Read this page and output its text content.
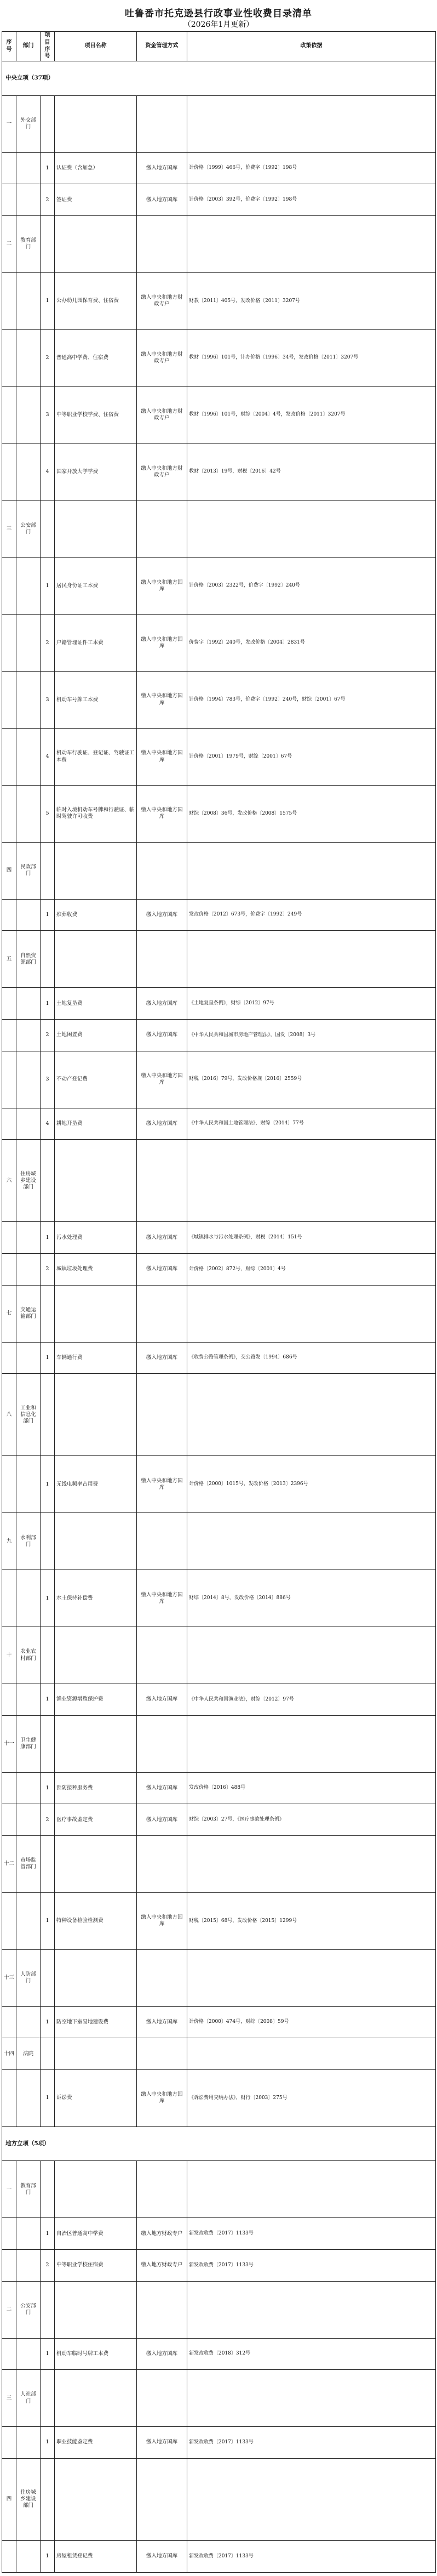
吐鲁番市托克逊县行政事业性收费目录清单
（2026年1月更新）
序号	部门	项目序号	项目名称	资金管理方式	政策依据
中央立项（37项）					
一	外交部门				
		1	认证费（含加急）	缴入地方国库	计价格〔1999〕466号，价费字〔1992〕198号
		2	签证费	缴入地方国库	计价格〔2003〕392号，价费字〔1992〕198号
二	教育部门				
		1	公办幼儿园保育费、住宿费	缴入中央和地方财政专户	财教〔2011〕405号，发改价格〔2011〕3207号
		2	普通高中学费、住宿费	缴入中央和地方财政专户	教财〔1996〕101号，计办价格〔1996〕34号，发改价格〔2011〕3207号
		3	中等职业学校学费、住宿费	缴入中央和地方财政专户	教财〔1996〕101号，财综〔2004〕4号，发改价格〔2011〕3207号
		4	国家开放大学学费	缴入中央和地方财政专户	教财〔2013〕19号，财税〔2016〕42号
三	公安部门				
		1	居民身份证工本费	缴入中央和地方国库	计价格〔2003〕2322号，价费字〔1992〕240号
		2	户籍管理证件工本费	缴入中央和地方国库	价费字〔1992〕240号，发改价格〔2004〕2831号
		3	机动车号牌工本费	缴入中央和地方国库	计价格〔1994〕783号，价费字〔1992〕240号，财综〔2001〕67号
		4	机动车行驶证、登记证、驾驶证工本费	缴入中央和地方国库	计价格〔2001〕1979号，财综〔2001〕67号
		5	临时入境机动车号牌和行驶证、临时驾驶许可收费	缴入中央和地方国库	财综〔2008〕36号，发改价格〔2008〕1575号
四	民政部门				
		1	殡葬收费	缴入地方国库	发改价格〔2012〕673号，价费字〔1992〕249号
五	自然资源部门				
		1	土地复垦费	缴入地方国库	《土地复垦条例》，财综〔2012〕97号
		2	土地闲置费	缴入地方国库	《中华人民共和国城市房地产管理法》，国发〔2008〕3号
		3	不动产登记费	缴入中央和地方国库	财税〔2016〕79号，发改价格规〔2016〕2559号
		4	耕地开垦费	缴入地方国库	《中华人民共和国土地管理法》，财综〔2014〕77号
六	住房城乡建设部门				
		1	污水处理费	缴入地方国库	《城镇排水与污水处理条例》，财税〔2014〕151号
		2	城镇垃圾处理费	缴入地方国库	计价格〔2002〕872号，财综〔2001〕4号
七	交通运输部门				
		1	车辆通行费	缴入地方国库	《收费公路管理条例》，交公路发〔1994〕686号
八	工业和信息化部门				
		1	无线电频率占用费	缴入中央和地方国库	计价格〔2000〕1015号，发改价格〔2013〕2396号
九	水利部门				
		1	水土保持补偿费	缴入中央和地方国库	财综〔2014〕8号，发改价格〔2014〕886号
十	农业农村部门				
		1	渔业资源增殖保护费	缴入地方国库	《中华人民共和国渔业法》，财综〔2012〕97号
十一	卫生健康部门				
		1	预防接种服务费	缴入地方国库	发改价格〔2016〕488号
		2	医疗事故鉴定费	缴入地方国库	财综〔2003〕27号，《医疗事故处理条例》
十二	市场监管部门				
		1	特种设备检验检测费	缴入中央和地方国库	财税〔2015〕68号，发改价格〔2015〕1299号
十三	人防部门				
		1	防空地下室易地建设费	缴入地方国库	计价格〔2000〕474号，财综〔2008〕59号
十四	法院				
		1	诉讼费	缴入中央和地方国库	《诉讼费用交纳办法》，财行〔2003〕275号
地方立项（5项）					
一	教育部门				
		1	自治区普通高中学费	缴入地方财政专户	新发改收费〔2017〕1133号
		2	中等职业学校住宿费	缴入地方财政专户	新发改收费〔2017〕1133号
二	公安部门				
		1	机动车临时号牌工本费	缴入地方国库	新发改收费〔2018〕312号
三	人社部门				
		1	职业技能鉴定费	缴入地方国库	新发改收费〔2017〕1133号
四	住房城乡建设部门				
		1	房屋租赁登记费	缴入地方国库	新发改收费〔2017〕1133号
